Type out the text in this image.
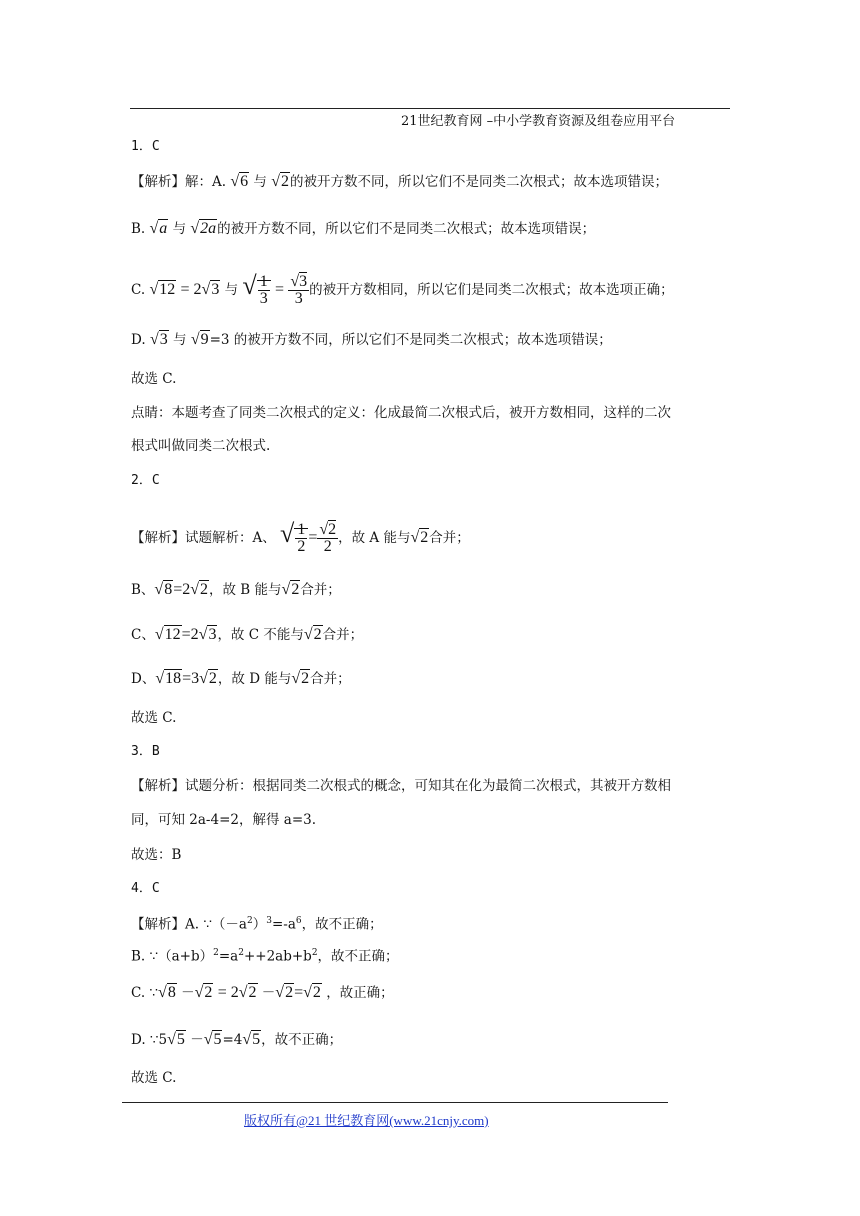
21世纪教育网 –中小学教育资源及组卷应用平台
1．C
【解析】解：A. √6 与 √2的被开方数不同，所以它们不是同类二次根式；故本选项错误；
B. √a 与 √2a的被开方数不同，所以它们不是同类二次根式；故本选项错误；
C. √12 = 2√3 与 √ $\frac{1}{3} = \frac{√3}{3}$ 的被开方数相同，所以它们是同类二次根式；故本选项正确；
D. √3 与 √9=3 的被开方数不同，所以它们不是同类二次根式；故本选项错误；
故选 C.
点睛：本题考查了同类二次根式的定义：化成最简二次根式后，被开方数相同，这样的二次
根式叫做同类二次根式.
2．C
【解析】试题解析：A、 √ $\frac{1}{2} = \frac{√2}{2}$ ，故 A 能与√2合并；
B、√8=2√2，故 B 能与√2合并；
C、√12=2√3，故 C 不能与√2合并；
D、√18=3√2，故 D 能与√2合并；
故选 C.
3．B
【解析】试题分析：根据同类二次根式的概念，可知其在化为最简二次根式，其被开方数相
同，可知 2a-4=2，解得 a=3.
故选：B
4．C
【解析】A. $\because(-a^2)^3=-a^6$，故不正确；
B. $\because(a+b)^2=a^2++2ab+b^2$，故不正确；
C. ∵√8 －√2 = 2√2 －√2=√2 ，故正确；
D. ∵5√5 －√5=4√5，故不正确；
故选 C.
版权所有@21 世纪教育网(www.21cnjy.com)
